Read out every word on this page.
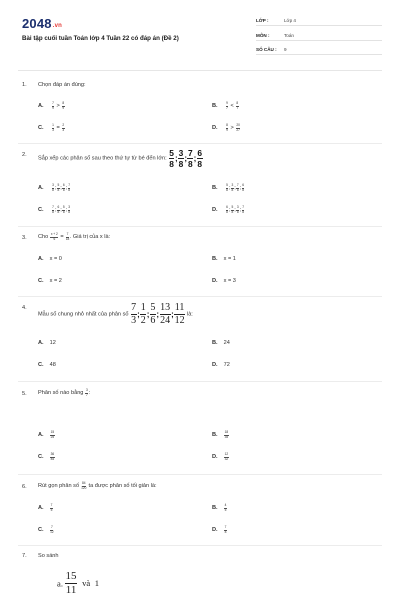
2048.vn
Bài tập cuối tuần Toán lớp 4 Tuần 22 có đáp án (Đề 2)
LỚP :	Lớp 4
MÔN :	Toán
SỐ CÂU : 9
1. Chọn đáp án đúng:
A.	$\frac{7}{9} > \frac{8}{9}$	B.	$\frac{9}{7} < \frac{8}{7}$
C.	$\frac{1}{3} = \frac{2}{3}$	D.	$\frac{8}{9} > \frac{20}{27}$
2.
Sắp xếp các phân số sau theo thứ tự từ bé đến lớn: $\frac{5}{8}$ ; $\frac{3}{8}$ ; $\frac{7}{8}$ ; $\frac{6}{8}$
A.	$\frac{3}{8}$ ; $\frac{5}{8}$ ; $\frac{6}{8}$ ; $\frac{7}{8}$	B.	$\frac{5}{8}$ ; $\frac{3}{8}$ ; $\frac{7}{8}$ ; $\frac{6}{8}$
C.	$\frac{7}{8}$ ; $\frac{6}{8}$ ; $\frac{5}{8}$ ; $\frac{3}{8}$	D.	$\frac{6}{8}$ ; $\frac{5}{8}$ ; $\frac{3}{8}$ ; $\frac{7}{8}$
3. Cho $\frac{x + 2}{6} = \frac{7}{18}$ . Giá trị của x là:
A. x = 0	B. x = 1
C. x = 2	D. x = 3
4.
Mẫu số chung nhỏ nhất của phân số $\frac{7}{3}$ ; $\frac{1}{2}$ ; $\frac{5}{6}$ ; $\frac{13}{24}$ ; $\frac{11}{12}$ là:
A. 12	B. 24
C. 48	D. 72
5. Phân số nào bằng $\frac{3}{7}$ :
A. $\frac{15}{25}$	B. $\frac{18}{35}$
C. $\frac{36}{84}$	D. $\frac{12}{32}$
6. Rút gọn phân số $\frac{84}{120}$ ta được phân số tối giản là:
A. $\frac{7}{5}$	B. $\frac{4}{5}$
C. $\frac{7}{12}$	D. $\frac{7}{8}$
7. So sánh
a. $\frac{15}{11}$ và 1
